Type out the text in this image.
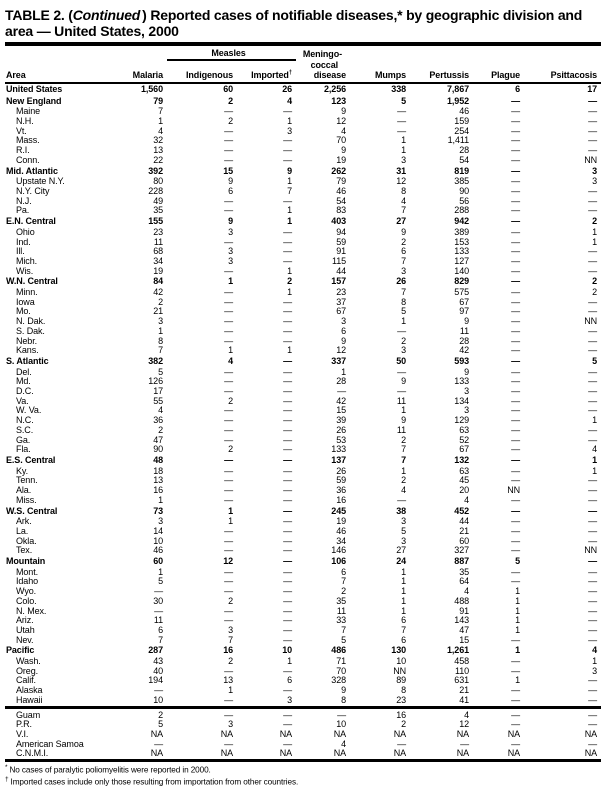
TABLE 2. (Continued ) Reported cases of notifiable diseases,* by geographic division and area — United States, 2000
		Measles		Meningo-				
				coccal				
Area	Malaria	Indigenous	Imported†	disease	Mumps	Pertussis	Plague	Psittacosis
United States	1,560	60	26	2,256	338	7,867	6	17
New England	79	2	4	123	5	1,952	—	—
Maine	7	—	—	9	—	46	—	—
N.H.	1	2	1	12	—	159	—	—
Vt.	4	—	3	4	—	254	—	—
Mass.	32	—	—	70	1	1,411	—	—
R.I.	13	—	—	9	1	28	—	—
Conn.	22	—	—	19	3	54	—	NN
Mid. Atlantic	392	15	9	262	31	819	—	3
Upstate N.Y.	80	9	1	79	12	385	—	3
N.Y. City	228	6	7	46	8	90	—	—
N.J.	49	—	—	54	4	56	—	—
Pa.	35	—	1	83	7	288	—	—
E.N. Central	155	9	1	403	27	942	—	2
Ohio	23	3	—	94	9	389	—	1
Ind.	11	—	—	59	2	153	—	1
Ill.	68	3	—	91	6	133	—	—
Mich.	34	3	—	115	7	127	—	—
Wis.	19	—	1	44	3	140	—	—
W.N. Central	84	1	2	157	26	829	—	2
Minn.	42	—	1	23	7	575	—	2
Iowa	2	—	—	37	8	67	—	—
Mo.	21	—	—	67	5	97	—	—
N. Dak.	3	—	—	3	1	9	—	NN
S. Dak.	1	—	—	6	—	11	—	—
Nebr.	8	—	—	9	2	28	—	—
Kans.	7	1	1	12	3	42	—	—
S. Atlantic	382	4	—	337	50	593	—	5
Del.	5	—	—	1	—	9	—	—
Md.	126	—	—	28	9	133	—	—
D.C.	17	—	—	—	—	3	—	—
Va.	55	2	—	42	11	134	—	—
W. Va.	4	—	—	15	1	3	—	—
N.C.	36	—	—	39	9	129	—	1
S.C.	2	—	—	26	11	63	—	—
Ga.	47	—	—	53	2	52	—	—
Fla.	90	2	—	133	7	67	—	4
E.S. Central	48	—	—	137	7	132	—	1
Ky.	18	—	—	26	1	63	—	1
Tenn.	13	—	—	59	2	45	—	—
Ala.	16	—	—	36	4	20	NN	—
Miss.	1	—	—	16	—	4	—	—
W.S. Central	73	1	—	245	38	452	—	—
Ark.	3	1	—	19	3	44	—	—
La.	14	—	—	46	5	21	—	—
Okla.	10	—	—	34	3	60	—	—
Tex.	46	—	—	146	27	327	—	NN
Mountain	60	12	—	106	24	887	5	—
Mont.	1	—	—	6	1	35	—	—
Idaho	5	—	—	7	1	64	—	—
Wyo.	—	—	—	2	1	4	1	—
Colo.	30	2	—	35	1	488	1	—
N. Mex.	—	—	—	11	1	91	1	—
Ariz.	11	—	—	33	6	143	1	—
Utah	6	3	—	7	7	47	1	—
Nev.	7	7	—	5	6	15	—	—
Pacific	287	16	10	486	130	1,261	1	4
Wash.	43	2	1	71	10	458	—	1
Oreg.	40	—	—	70	NN	110	—	3
Calif.	194	13	6	328	89	631	1	—
Alaska	—	1	—	9	8	21	—	—
Hawaii	10	—	3	8	23	41	—	—
Guam	2	—	—	—	16	4	—	—
P.R.	5	3	—	10	2	12	—	—
V.I.	NA	NA	NA	NA	NA	NA	NA	NA
American Samoa	—	—	—	4	—	—	—	—
C.N.M.I.	NA	NA	NA	NA	NA	NA	NA	NA
* No cases of paralytic poliomyelitis were reported in 2000.
† Imported cases include only those resulting from importation from other countries.
